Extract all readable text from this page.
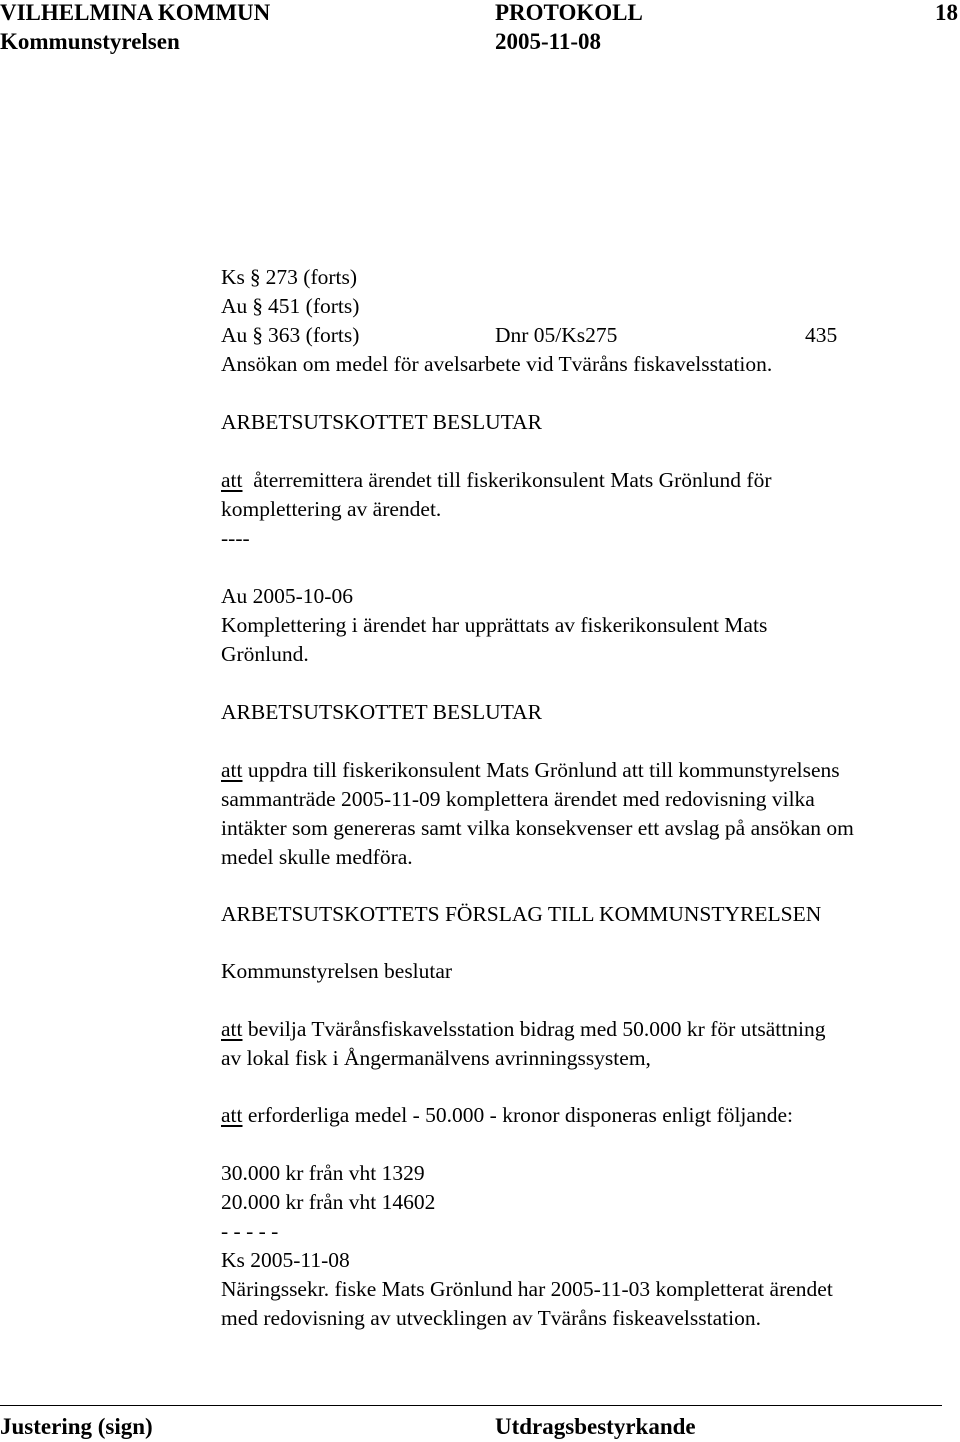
VILHELMINA KOMMUN	PROTOKOLL	18
Kommunstyrelsen	2005-11-08
Ks § 273 (forts)
Au § 451 (forts)
Au § 363 (forts)	Dnr 05/Ks275	435
Ansökan om medel för avelsarbete vid Tväråns fiskavelsstation.
ARBETSUTSKOTTET BESLUTAR
att  återremittera ärendet till fiskerikonsulent Mats Grönlund för
komplettering av ärendet.
----
Au 2005-10-06
Komplettering i ärendet har upprättats av fiskerikonsulent Mats
Grönlund.
ARBETSUTSKOTTET BESLUTAR
att uppdra till fiskerikonsulent Mats Grönlund att till kommunstyrelsens
sammanträde 2005-11-09 komplettera ärendet med redovisning vilka
intäkter som genereras samt vilka konsekvenser ett avslag på ansökan om
medel skulle medföra.
ARBETSUTSKOTTETS FÖRSLAG TILL KOMMUNSTYRELSEN
Kommunstyrelsen beslutar
att bevilja Tvärånsfiskavelsstation bidrag med 50.000 kr för utsättning
av lokal fisk i Ångermanälvens avrinningssystem,
att erforderliga medel - 50.000 - kronor disponeras enligt följande:
30.000 kr från vht 1329
20.000 kr från vht 14602
- - - - -
Ks 2005-11-08
Näringssekr. fiske Mats Grönlund har 2005-11-03 kompletterat ärendet
med redovisning av utvecklingen av Tväråns fiskeavelsstation.
Justering (sign)	Utdragsbestyrkande
